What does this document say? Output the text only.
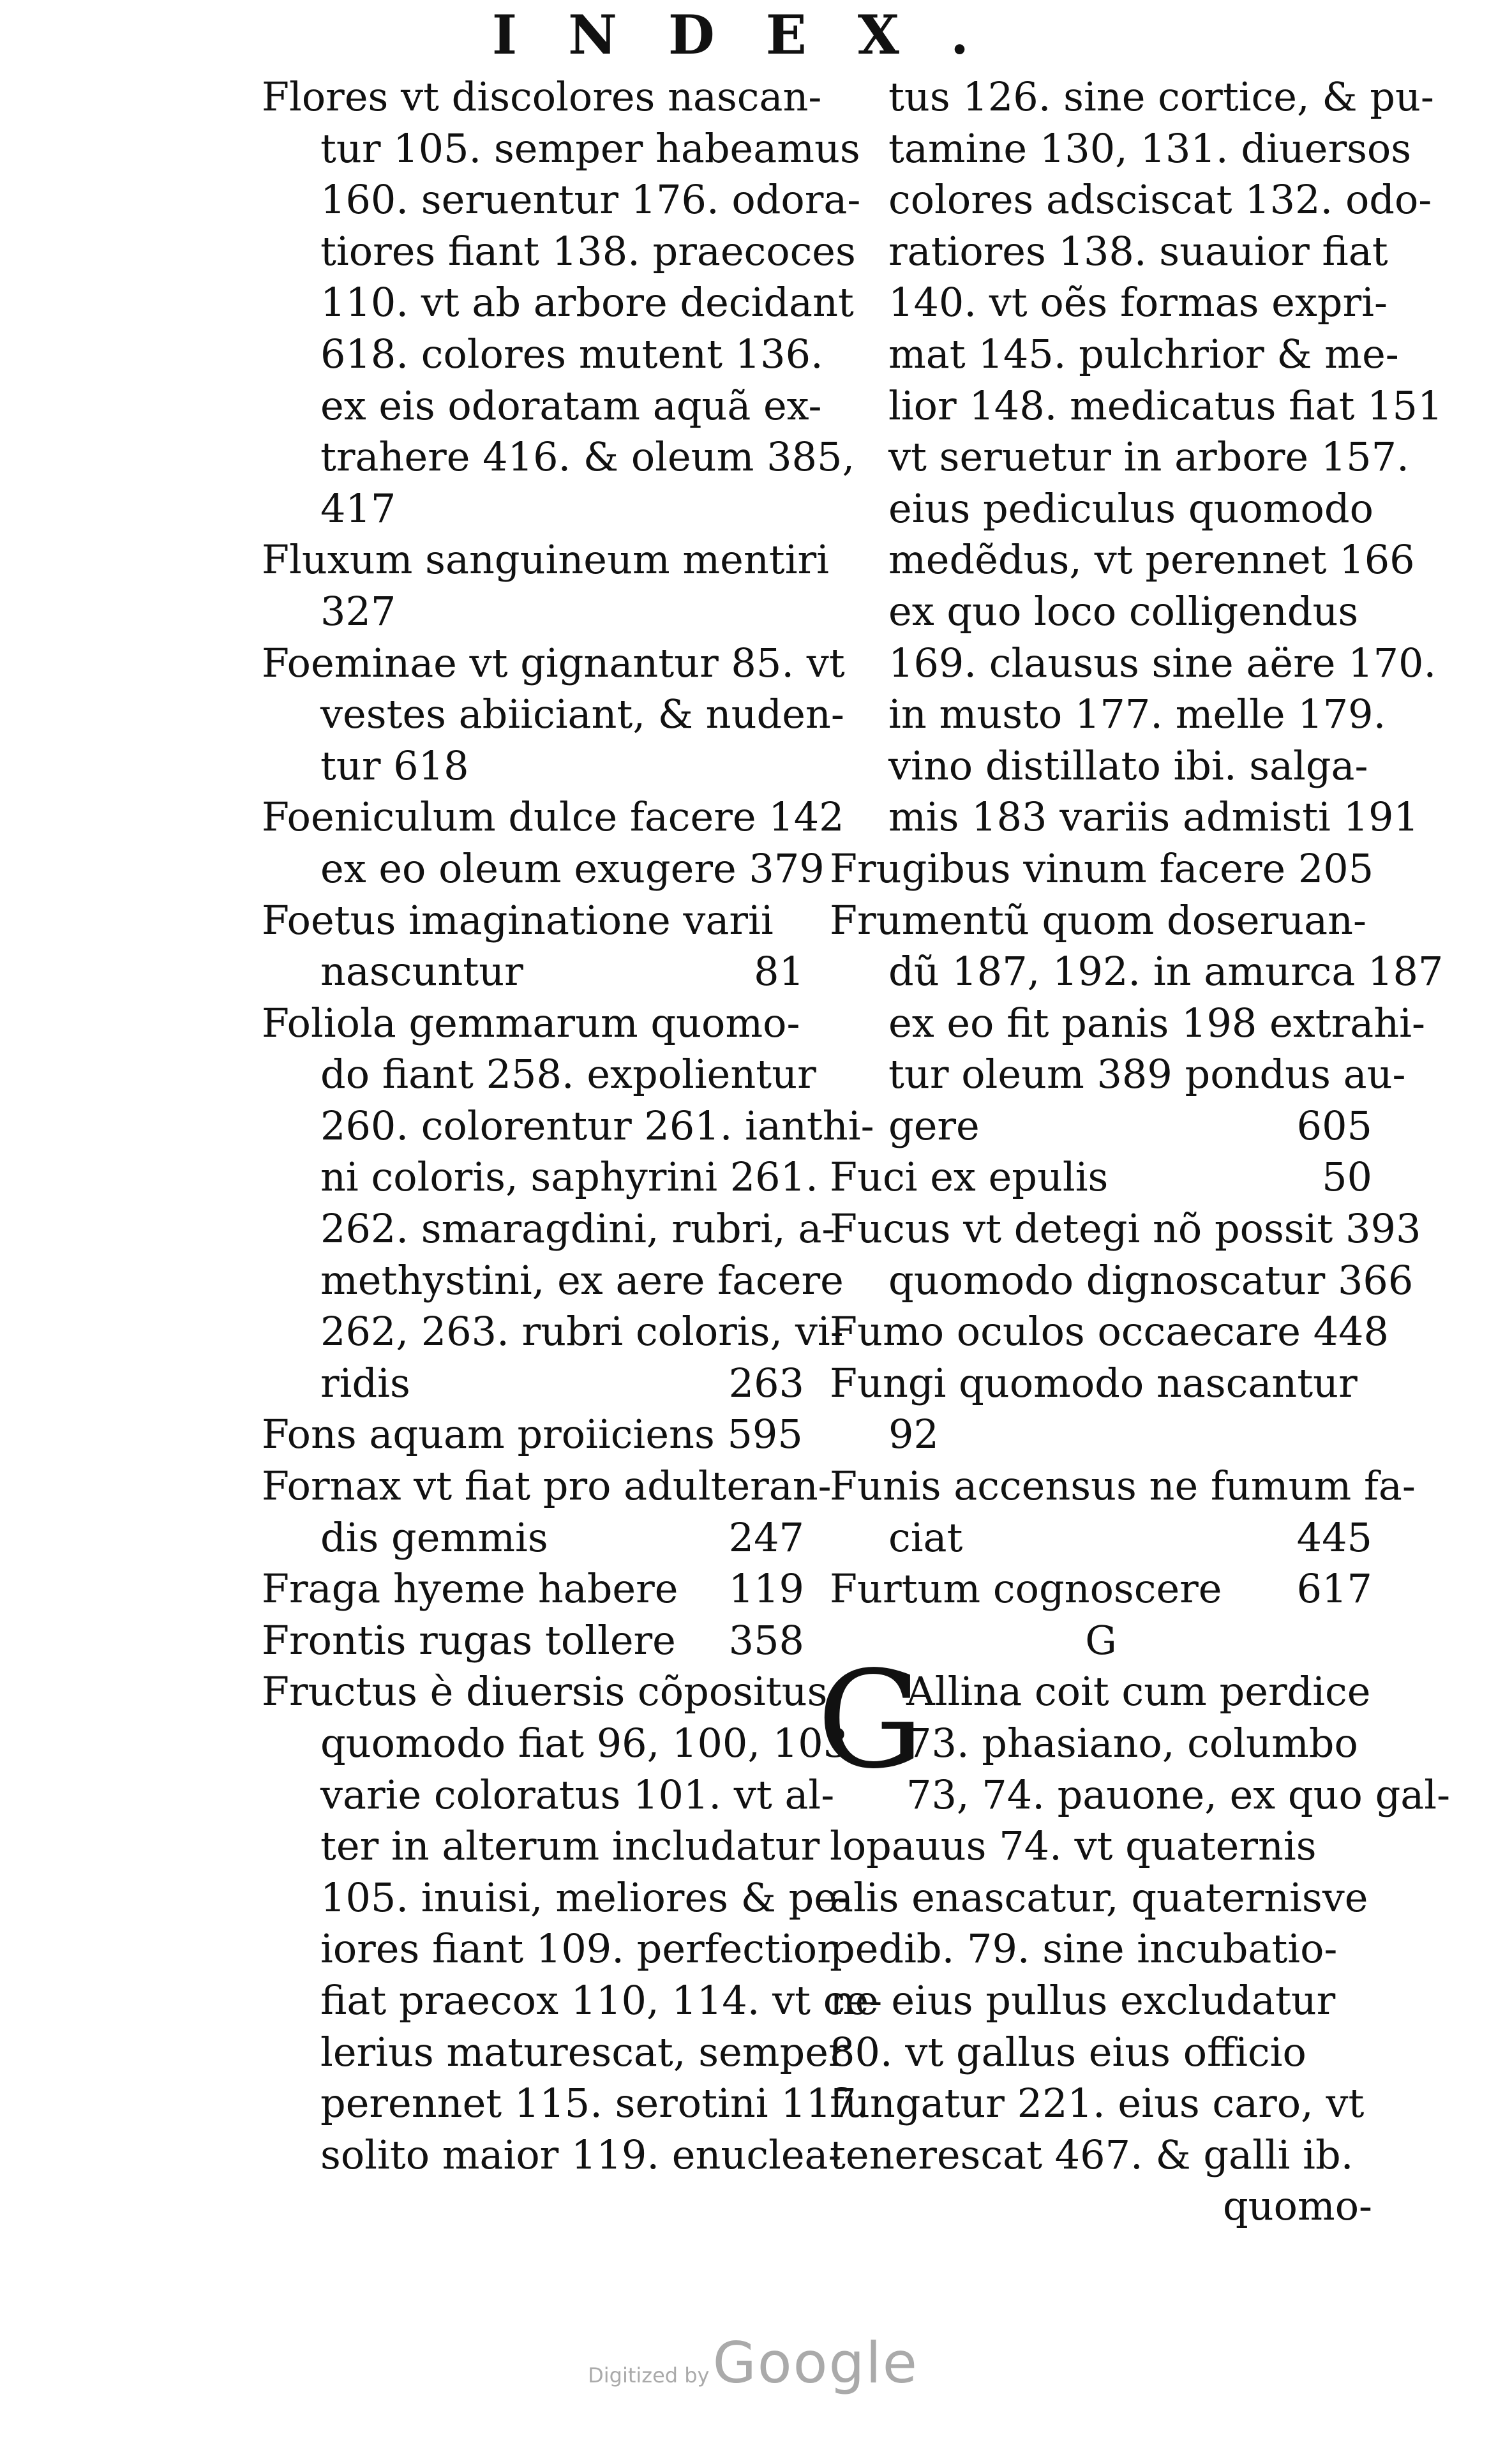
INDEX.
Flores vt discolores nascan-
tur 105. semper habeamus
160. seruentur 176. odora-
tiores fiant 138. praecoces
110. vt ab arbore decidant
618. colores mutent 136.
ex eis odoratam aquã ex-
trahere 416. & oleum 385,
417
Fluxum sanguineum mentiri
327
Foeminae vt gignantur 85. vt
vestes abiiciant, & nuden-
tur 618
Foeniculum dulce facere 142
ex eo oleum exugere 379
Foetus imaginatione varii
nascuntur	81
Foliola gemmarum quomo-
do fiant 258. expolientur
260. colorentur 261. ianthi-
ni coloris, saphyrini 261.
262. smaragdini, rubri, a-
methystini, ex aere facere
262, 263. rubri coloris, vi-
ridis	263
Fons aquam proiiciens 595
Fornax vt fiat pro adulteran-
dis gemmis	247
Fraga hyeme habere 119
Frontis rugas tollere 358
Fructus è diuersis cõpositus
quomodo fiat 96, 100, 103
varie coloratus 101. vt al-
ter in alterum includatur
105. inuisi, meliores & pe-
iores fiant 109. perfectior
fiat praecox 110, 114. vt ce-
lerius maturescat, semper
perennet 115. serotini 117.
solito maior 119. enuclea-
tus 126. sine cortice, & pu-
tamine 130, 131. diuersos
colores adsciscat 132. odo-
ratiores 138. suauior fiat
140. vt oẽs formas expri-
mat 145. pulchrior & me-
lior 148. medicatus fiat 151
vt seruetur in arbore 157.
eius pediculus quomodo
medẽdus, vt perennet 166
ex quo loco colligendus
169. clausus sine aëre 170.
in musto 177. melle 179.
vino distillato ibi. salga-
mis 183 variis admisti 191
Frugibus vinum facere 205
Frumentũ quom doseruan-
dũ 187, 192. in amurca 187
ex eo fit panis 198 extrahi-
tur oleum 389 pondus au-
gere	605
Fuci ex epulis	50
Fucus vt detegi nõ possit 393
quomodo dignoscatur 366
Fumo oculos occaecare 448
Fungi quomodo nascantur
92
Funis accensus ne fumum fa-
ciat	445
Furtum cognoscere 617
G
G
Allina coit cum perdice
73. phasiano, columbo
73, 74. pauone, ex quo gal-
lopauus 74. vt quaternis
alis enascatur, quaternisve
pedib. 79. sine incubatio-
ne eius pullus excludatur
80. vt gallus eius officio
fungatur 221. eius caro, vt
tenerescat 467. & galli ib.
quomo-
Digitized by Google
